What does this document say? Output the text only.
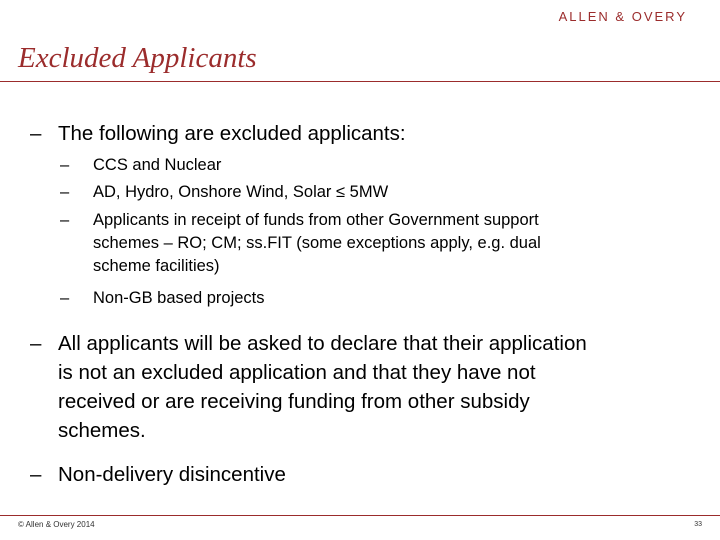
ALLEN & OVERY
Excluded Applicants
– The following are excluded applicants:
– CCS and Nuclear
– AD, Hydro, Onshore Wind, Solar ≤ 5MW
– Applicants in receipt of funds from other Government support
schemes – RO; CM; ss.FIT (some exceptions apply, e.g. dual
scheme facilities)
– Non-GB based projects
– All applicants will be asked to declare that their application
is not an excluded application and that they have not
received or are receiving funding from other subsidy
schemes.
– Non-delivery disincentive
© Allen & Overy 2014	33
